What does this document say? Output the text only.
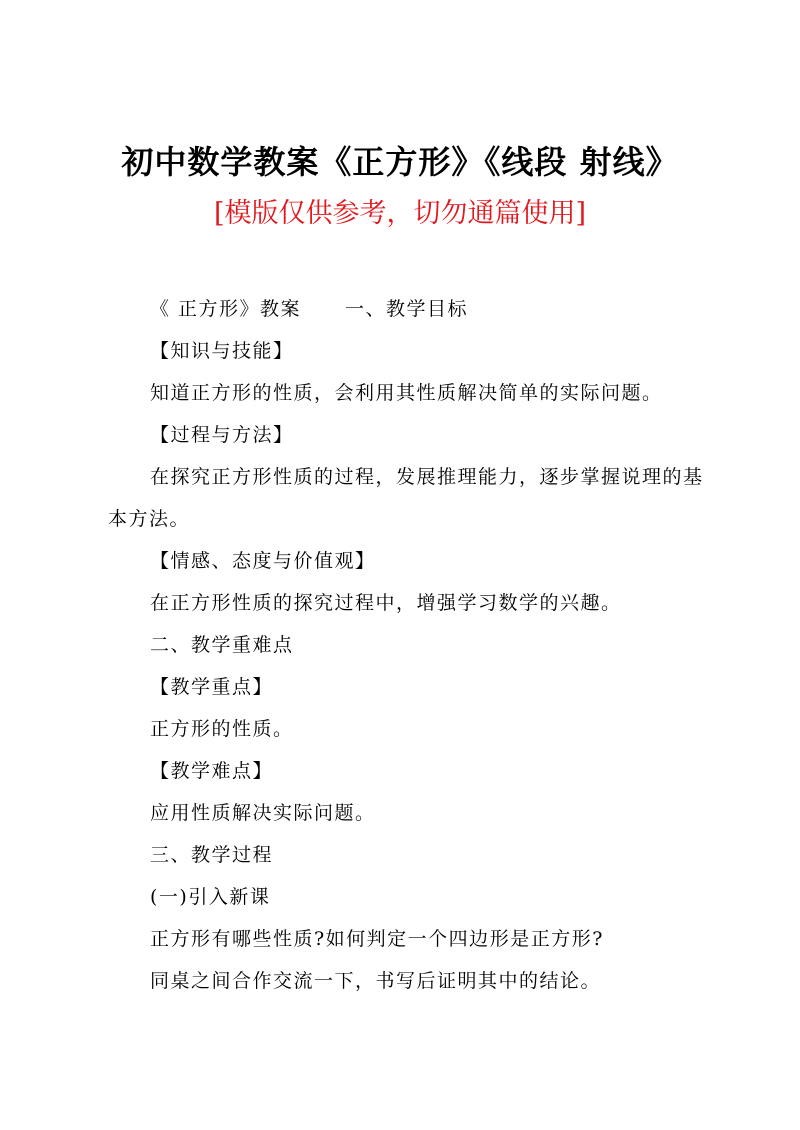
初中数学教案《正方形》《线段 射线》
[模版仅供参考，切勿通篇使用]

《 正方形》教案 一、教学目标

【知识与技能】

知道正方形的性质，会利用其性质解决简单的实际问题。

【过程与方法】

在探究正方形性质的过程，发展推理能力，逐步掌握说理的基本方法。

【情感、态度与价值观】

在正方形性质的探究过程中，增强学习数学的兴趣。

二、教学重难点

【教学重点】

正方形的性质。

【教学难点】

应用性质解决实际问题。

三、教学过程

(一)引入新课

正方形有哪些性质?如何判定一个四边形是正方形?

同桌之间合作交流一下，书写后证明其中的结论。
